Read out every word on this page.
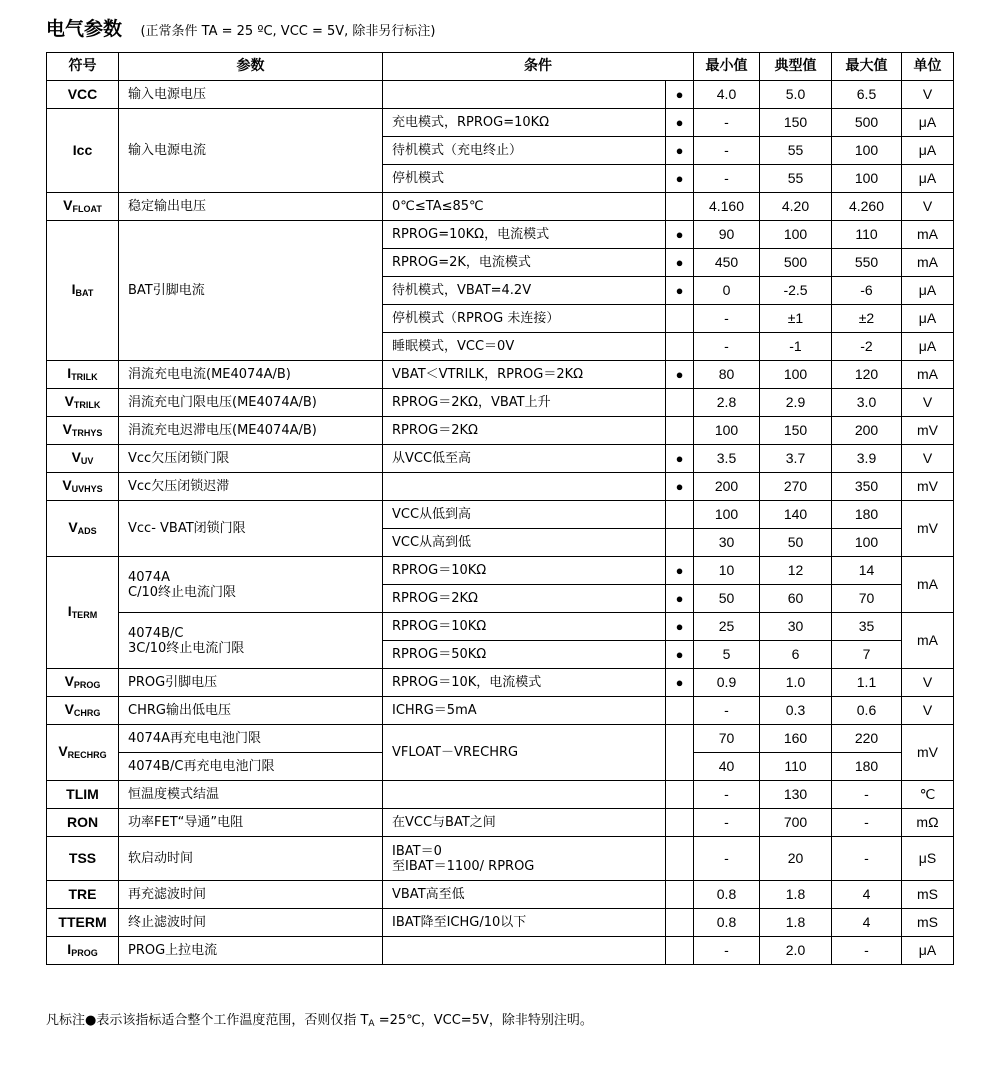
电气参数 (正常条件 TA = 25 ºC, VCC = 5V, 除非另行标注)
符号	参数	条件		最小值	典型值	最大值	单位
VCC	输入电源电压		●	4.0	5.0	6.5	V
Icc	输入电源电流	充电模式，RPROG=10KΩ	●	-	150	500	μA
		待机模式（充电终止）	●	-	55	100	μA
		停机模式	●	-	55	100	μA
$V_{FLOAT}$	稳定输出电压	0℃≤TA≤85℃		4.160	4.20	4.260	V
$I_{BAT}$	BAT引脚电流	RPROG=10KΩ，电流模式	●	90	100	110	mA
		RPROG=2K，电流模式	●	450	500	550	mA
		待机模式，VBAT=4.2V	●	0	-2.5	-6	μA
		停机模式（RPROG 未连接）		-	±1	±2	μA
		睡眠模式，VCC＝0V		-	-1	-2	μA
$I_{TRILK}$	涓流充电电流(ME4074A/B)	VBAT＜VTRILK，RPROG＝2KΩ	●	80	100	120	mA
$V_{TRILK}$	涓流充电门限电压(ME4074A/B)	RPROG＝2KΩ，VBAT上升		2.8	2.9	3.0	V
$V_{TRHYS}$	涓流充电迟滞电压(ME4074A/B)	RPROG＝2KΩ		100	150	200	mV
$V_{UV}$	Vcc欠压闭锁门限	从VCC低至高	●	3.5	3.7	3.9	V
$V_{UVHYS}$	Vcc欠压闭锁迟滞		●	200	270	350	mV
$V_{ADS}$	Vcc- VBAT闭锁门限	VCC从低到高		100	140	180	mV
		VCC从高到低		30	50	100	
$I_{TERM}$	4074A
C/10终止电流门限	RPROG＝10KΩ	●	10	12	14	mA
		RPROG＝2KΩ	●	50	60	70	
	4074B/C
3C/10终止电流门限	RPROG＝10KΩ	●	25	30	35	mA
		RPROG＝50KΩ	●	5	6	7	
$V_{PROG}$	PROG引脚电压	RPROG＝10K，电流模式	●	0.9	1.0	1.1	V
$V_{CHRG}$	CHRG输出低电压	ICHRG＝5mA		-	0.3	0.6	V
$V_{RECHRG}$	4074A再充电电池门限	VFLOAT－VRECHRG		70	160	220	mV
	4074B/C再充电电池门限			40	110	180	
TLIM	恒温度模式结温			-	130	-	℃
RON	功率FET“导通”电阻	在VCC与BAT之间		-	700	-	mΩ
TSS	软启动时间	IBAT＝0
至IBAT＝1100/ RPROG		-	20	-	μS
TRE	再充滤波时间	VBAT高至低		0.8	1.8	4	mS
TTERM	终止滤波时间	IBAT降至ICHG/10以下		0.8	1.8	4	mS
$I_{PROG}$	PROG上拉电流			-	2.0	-	μA
凡标注●表示该指标适合整个工作温度范围，否则仅指 $T_A$ =25℃，VCC=5V，除非特别注明。
